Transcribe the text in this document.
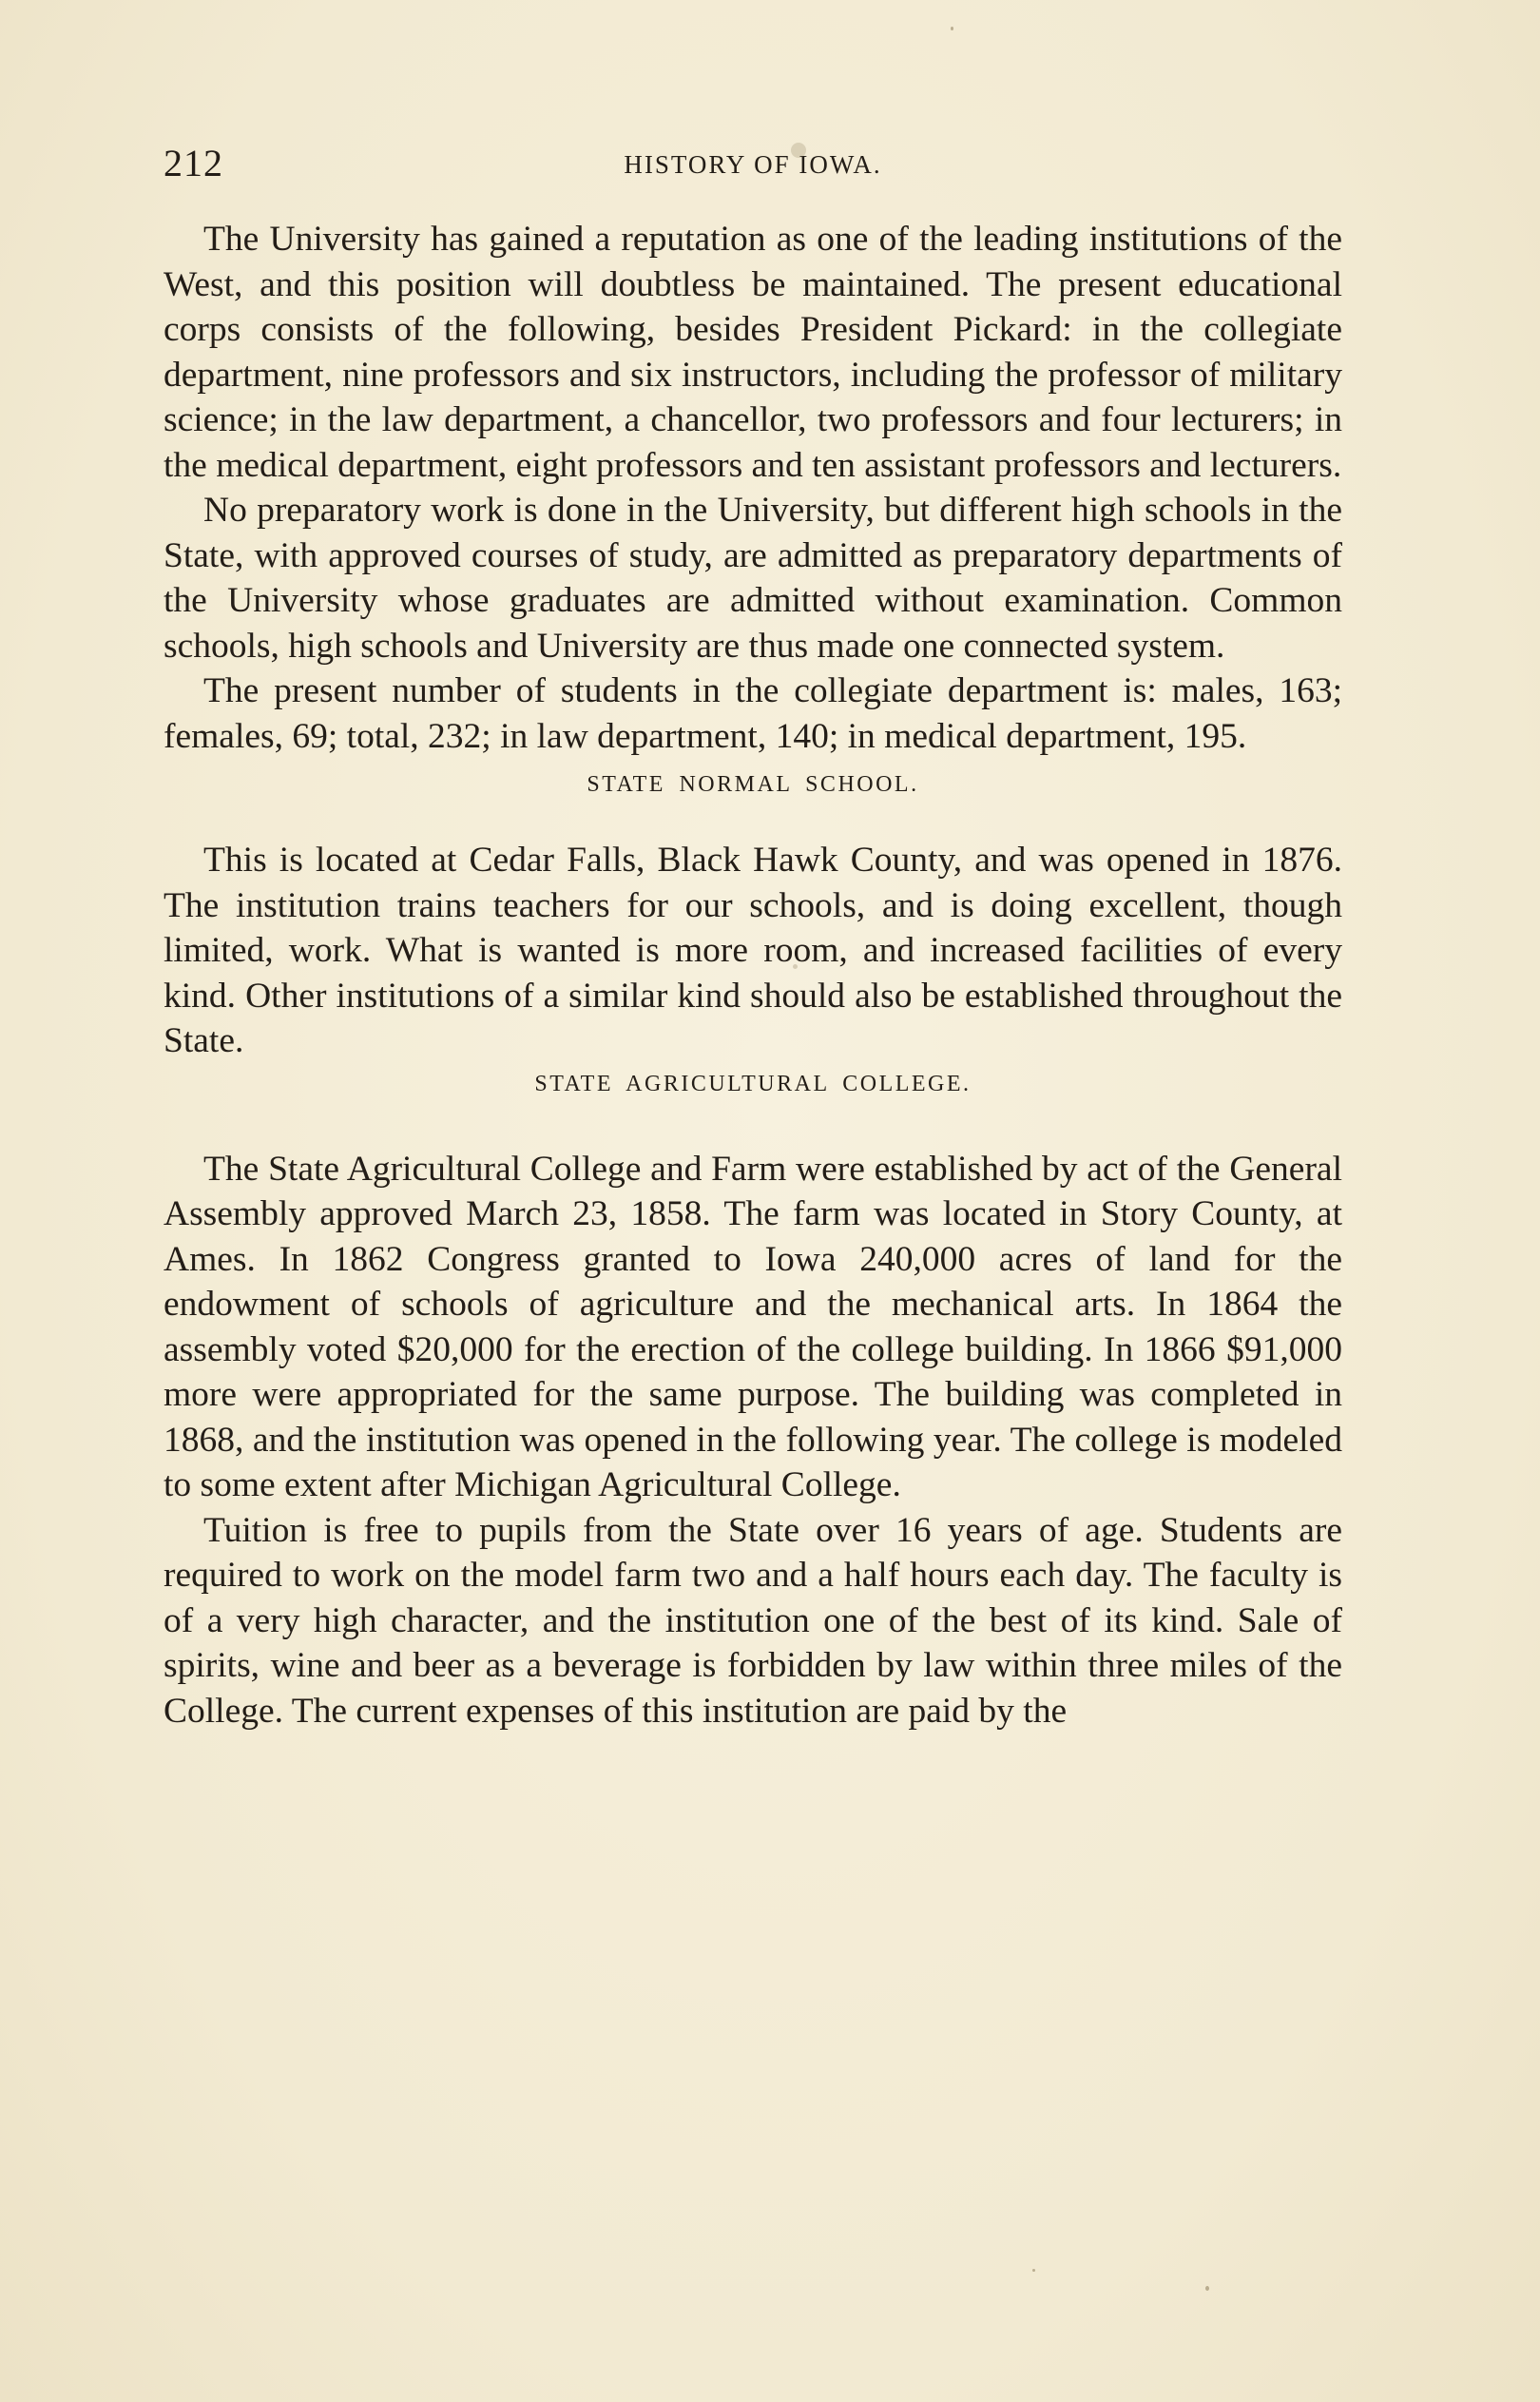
212	HISTORY OF IOWA.

The University has gained a reputation as one of the leading institutions of the West, and this position will doubtless be maintained. The present educational corps consists of the following, besides President Pickard: in the collegiate department, nine professors and six instructors, including the professor of military science; in the law department, a chancellor, two professors and four lecturers; in the medical department, eight professors and ten assistant professors and lecturers.

No preparatory work is done in the University, but different high schools in the State, with approved courses of study, are admitted as preparatory departments of the University whose graduates are admitted without examination. Common schools, high schools and University are thus made one connected system.

The present number of students in the collegiate department is: males, 163; females, 69; total, 232; in law department, 140; in medical department, 195.

STATE NORMAL SCHOOL.

This is located at Cedar Falls, Black Hawk County, and was opened in 1876. The institution trains teachers for our schools, and is doing excellent, though limited, work. What is wanted is more room, and increased facilities of every kind. Other institutions of a similar kind should also be established throughout the State.

STATE AGRICULTURAL COLLEGE.

The State Agricultural College and Farm were established by act of the General Assembly approved March 23, 1858. The farm was located in Story County, at Ames. In 1862 Congress granted to Iowa 240,000 acres of land for the endowment of schools of agriculture and the mechanical arts. In 1864 the assembly voted $20,000 for the erection of the college building. In 1866 $91,000 more were appropriated for the same purpose. The building was completed in 1868, and the institution was opened in the following year. The college is modeled to some extent after Michigan Agricultural College.

Tuition is free to pupils from the State over 16 years of age. Students are required to work on the model farm two and a half hours each day. The faculty is of a very high character, and the institution one of the best of its kind. Sale of spirits, wine and beer as a beverage is forbidden by law within three miles of the College. The current expenses of this institution are paid by the
